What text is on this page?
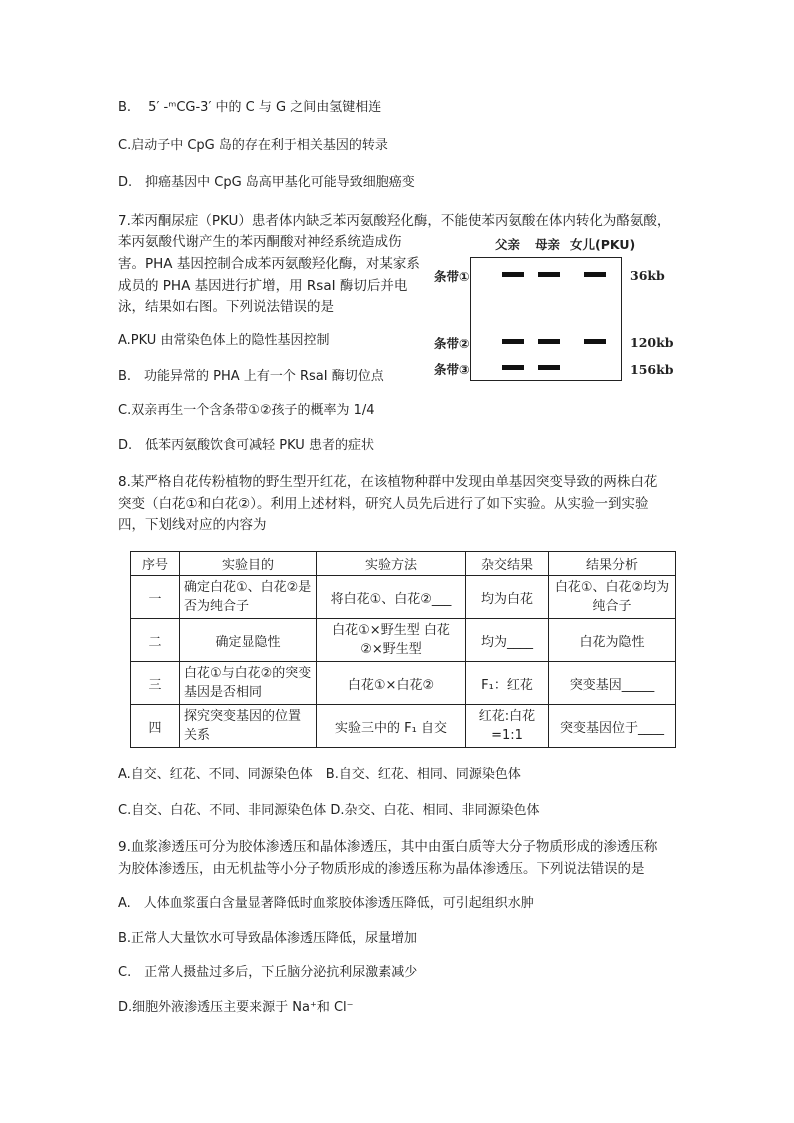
B.　 5′ -ᵐCG-3′ 中的 C 与 G 之间由氢键相连
C.启动子中 CpG 岛的存在利于相关基因的转录
D.　抑癌基因中 CpG 岛高甲基化可能导致细胞癌变
7.苯丙酮尿症（PKU）患者体内缺乏苯丙氨酸羟化酶，不能使苯丙氨酸在体内转化为酪氨酸，
苯丙氨酸代谢产生的苯丙酮酸对神经系统造成伤
害。PHA 基因控制合成苯丙氨酸羟化酶，对某家系
成员的 PHA 基因进行扩增，用 RsaI 酶切后并电
泳，结果如右图。下列说法错误的是
父亲 母亲 女儿(PKU)
条带①
条带②
条带③
36kb
120kb
156kb
A.PKU 由常染色体上的隐性基因控制
B.　功能异常的 PHA 上有一个 RsaI 酶切位点
C.双亲再生一个含条带①②孩子的概率为 1/4
D.　低苯丙氨酸饮食可减轻 PKU 患者的症状
8.某严格自花传粉植物的野生型开红花，在该植物种群中发现由单基因突变导致的两株白花
突变（白花①和白花②）。利用上述材料，研究人员先后进行了如下实验。从实验一到实验
四，下划线对应的内容为
序号	实验目的	实验方法	杂交结果	结果分析
一	确定白花①、白花②是否为纯合子	将白花①、白花②___	均为白花	白花①、白花②均为纯合子
二	确定显隐性	白花①×野生型 白花②×野生型	均为____	白花为隐性
三	白花①与白花②的突变基因是否相同	白花①×白花②	F₁：红花	突变基因_____
四	探究突变基因的位置关系	实验三中的 F₁ 自交	红花:白花 =1:1	突变基因位于____
A.自交、红花、不同、同源染色体　B.自交、红花、相同、同源染色体
C.自交、白花、不同、非同源染色体 D.杂交、白花、相同、非同源染色体
9.血浆渗透压可分为胶体渗透压和晶体渗透压，其中由蛋白质等大分子物质形成的渗透压称
为胶体渗透压，由无机盐等小分子物质形成的渗透压称为晶体渗透压。下列说法错误的是
A.　人体血浆蛋白含量显著降低时血浆胶体渗透压降低，可引起组织水肿
B.正常人大量饮水可导致晶体渗透压降低，尿量增加
C.　正常人摄盐过多后，下丘脑分泌抗利尿激素减少
D.细胞外液渗透压主要来源于 Na⁺和 Cl⁻
